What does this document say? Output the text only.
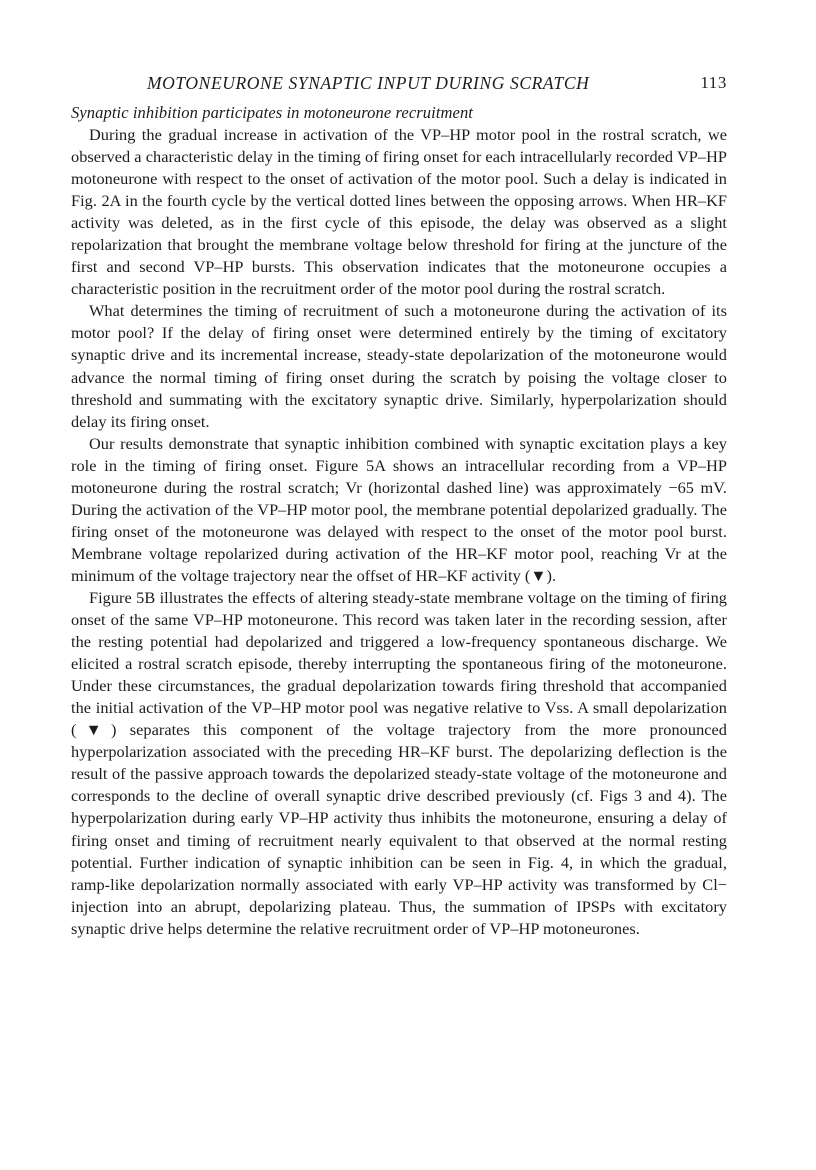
MOTONEURONE SYNAPTIC INPUT DURING SCRATCH	113
Synaptic inhibition participates in motoneurone recruitment

During the gradual increase in activation of the VP–HP motor pool in the rostral scratch, we observed a characteristic delay in the timing of firing onset for each intracellularly recorded VP–HP motoneurone with respect to the onset of activation of the motor pool. Such a delay is indicated in Fig. 2A in the fourth cycle by the vertical dotted lines between the opposing arrows. When HR–KF activity was deleted, as in the first cycle of this episode, the delay was observed as a slight repolarization that brought the membrane voltage below threshold for firing at the juncture of the first and second VP–HP bursts. This observation indicates that the motoneurone occupies a characteristic position in the recruitment order of the motor pool during the rostral scratch.

What determines the timing of recruitment of such a motoneurone during the activation of its motor pool? If the delay of firing onset were determined entirely by the timing of excitatory synaptic drive and its incremental increase, steady-state depolarization of the motoneurone would advance the normal timing of firing onset during the scratch by poising the voltage closer to threshold and summating with the excitatory synaptic drive. Similarly, hyperpolarization should delay its firing onset.

Our results demonstrate that synaptic inhibition combined with synaptic excitation plays a key role in the timing of firing onset. Figure 5A shows an intracellular recording from a VP–HP motoneurone during the rostral scratch; Vr (horizontal dashed line) was approximately −65 mV. During the activation of the VP–HP motor pool, the membrane potential depolarized gradually. The firing onset of the motoneurone was delayed with respect to the onset of the motor pool burst. Membrane voltage repolarized during activation of the HR–KF motor pool, reaching Vr at the minimum of the voltage trajectory near the offset of HR–KF activity (▼).

Figure 5B illustrates the effects of altering steady-state membrane voltage on the timing of firing onset of the same VP–HP motoneurone. This record was taken later in the recording session, after the resting potential had depolarized and triggered a low-frequency spontaneous discharge. We elicited a rostral scratch episode, thereby interrupting the spontaneous firing of the motoneurone. Under these circumstances, the gradual depolarization towards firing threshold that accompanied the initial activation of the VP–HP motor pool was negative relative to Vss. A small depolarization (▼) separates this component of the voltage trajectory from the more pronounced hyperpolarization associated with the preceding HR–KF burst. The depolarizing deflection is the result of the passive approach towards the depolarized steady-state voltage of the motoneurone and corresponds to the decline of overall synaptic drive described previously (cf. Figs 3 and 4). The hyperpolarization during early VP–HP activity thus inhibits the motoneurone, ensuring a delay of firing onset and timing of recruitment nearly equivalent to that observed at the normal resting potential. Further indication of synaptic inhibition can be seen in Fig. 4, in which the gradual, ramp-like depolarization normally associated with early VP–HP activity was transformed by Cl− injection into an abrupt, depolarizing plateau. Thus, the summation of IPSPs with excitatory synaptic drive helps determine the relative recruitment order of VP–HP motoneurones.
